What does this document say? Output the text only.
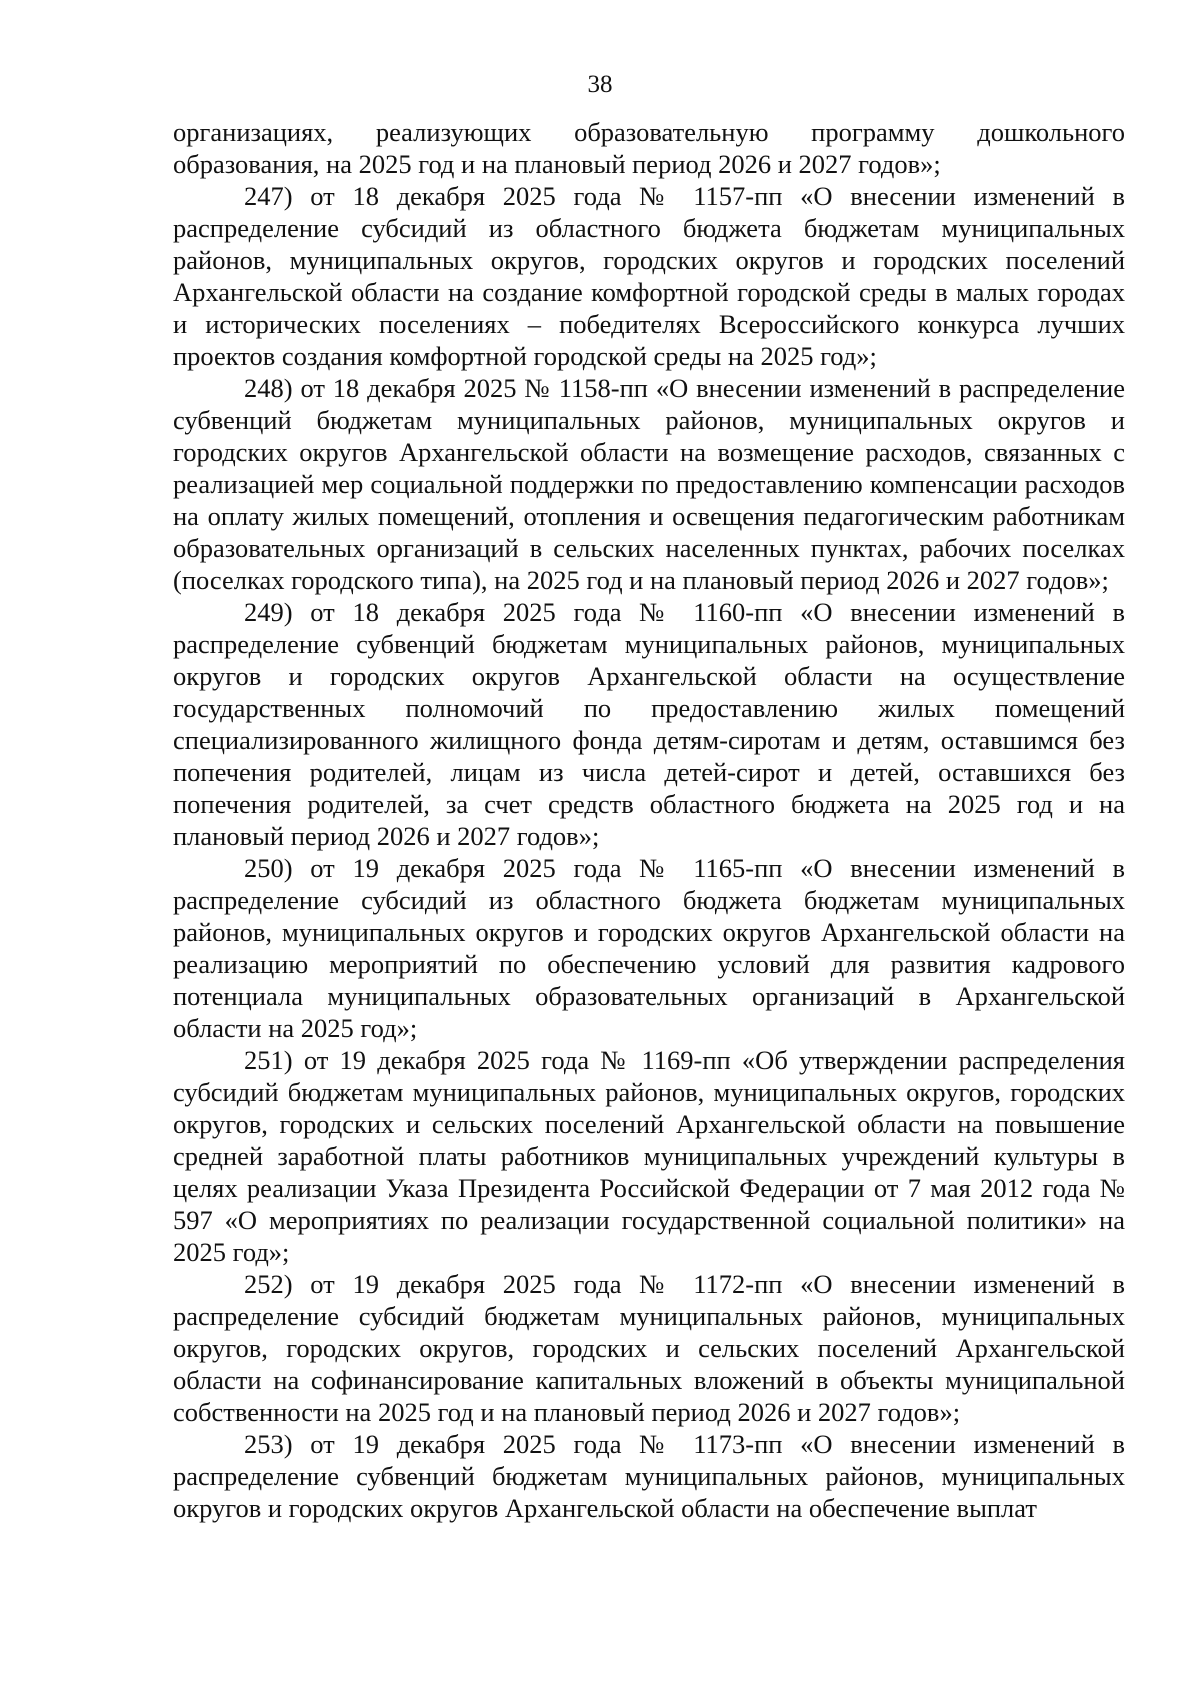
38

организациях, реализующих образовательную программу дошкольного образования, на 2025 год и на плановый период 2026 и 2027 годов»;

247) от 18 декабря 2025 года № 1157-пп «О внесении изменений в распределение субсидий из областного бюджета бюджетам муниципальных районов, муниципальных округов, городских округов и городских поселений Архангельской области на создание комфортной городской среды в малых городах и исторических поселениях – победителях Всероссийского конкурса лучших проектов создания комфортной городской среды на 2025 год»;

248) от 18 декабря 2025 № 1158-пп «О внесении изменений в распределение субвенций бюджетам муниципальных районов, муниципальных округов и городских округов Архангельской области на возмещение расходов, связанных с реализацией мер социальной поддержки по предоставлению компенсации расходов на оплату жилых помещений, отопления и освещения педагогическим работникам образовательных организаций в сельских населенных пунктах, рабочих поселках (поселках городского типа), на 2025 год и на плановый период 2026 и 2027 годов»;

249) от 18 декабря 2025 года № 1160-пп «О внесении изменений в распределение субвенций бюджетам муниципальных районов, муниципальных округов и городских округов Архангельской области на осуществление государственных полномочий по предоставлению жилых помещений специализированного жилищного фонда детям-сиротам и детям, оставшимся без попечения родителей, лицам из числа детей-сирот и детей, оставшихся без попечения родителей, за счет средств областного бюджета на 2025 год и на плановый период 2026 и 2027 годов»;

250) от 19 декабря 2025 года № 1165-пп «О внесении изменений в распределение субсидий из областного бюджета бюджетам муниципальных районов, муниципальных округов и городских округов Архангельской области на реализацию мероприятий по обеспечению условий для развития кадрового потенциала муниципальных образовательных организаций в Архангельской области на 2025 год»;

251) от 19 декабря 2025 года № 1169-пп «Об утверждении распределения субсидий бюджетам муниципальных районов, муниципальных округов, городских округов, городских и сельских поселений Архангельской области на повышение средней заработной платы работников муниципальных учреждений культуры в целях реализации Указа Президента Российской Федерации от 7 мая 2012 года № 597 «О мероприятиях по реализации государственной социальной политики» на 2025 год»;

252) от 19 декабря 2025 года № 1172-пп «О внесении изменений в распределение субсидий бюджетам муниципальных районов, муниципальных округов, городских округов, городских и сельских поселений Архангельской области на софинансирование капитальных вложений в объекты муниципальной собственности на 2025 год и на плановый период 2026 и 2027 годов»;

253) от 19 декабря 2025 года № 1173-пп «О внесении изменений в распределение субвенций бюджетам муниципальных районов, муниципальных округов и городских округов Архангельской области на обеспечение выплат
